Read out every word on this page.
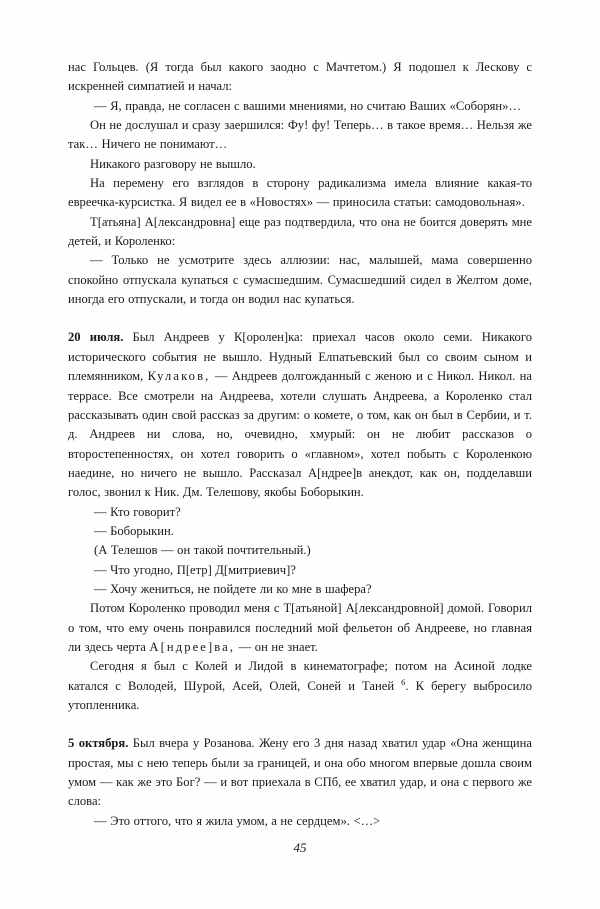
нас Гольцев. (Я тогда был какого заодно с Мачтетом.) Я подошел к Лескову с искренней симпатией и начал:

— Я, правда, не согласен с вашими мнениями, но считаю Ваших «Соборян»…

Он не дослушал и сразу заершился: Фу! фу! Теперь… в такое время… Нельзя же так… Ничего не понимают…

Никакого разговору не вышло.

На перемену его взглядов в сторону радикализма имела влияние какая-то евреечка-курсистка. Я видел ее в «Новостях» — приносила статьи: самодовольная».

Т[атьяна] А[лександровна] еще раз подтвердила, что она не боится доверять мне детей, и Короленко:

— Только не усмотрите здесь аллюзии: нас, малышей, мама совершенно спокойно отпускала купаться с сумасшедшим. Сумасшедший сидел в Желтом доме, иногда его отпускали, и тогда он водил нас купаться.

20 июля. Был Андреев у К[оролен]ка: приехал часов около семи. Никакого исторического события не вышло. Нудный Елпатьевский был со своим сыном и племянником, Кулаков, — Андреев долгожданный с женою и с Никол. Никол. на террасе. Все смотрели на Андреева, хотели слушать Андреева, а Короленко стал рассказывать один свой рассказ за другим: о комете, о том, как он был в Сербии, и т. д. Андреев ни слова, но, очевидно, хмурый: он не любит рассказов о второстепенностях, он хотел говорить о «главном», хотел побыть с Короленкою наедине, но ничего не вышло. Рассказал А[ндрее]в анекдот, как он, подделавши голос, звонил к Ник. Дм. Телешову, якобы Боборыкин.

— Кто говорит?

— Боборыкин.

(А Телешов — он такой почтительный.)

— Что угодно, П[етр] Д[митриевич]?

— Хочу жениться, не пойдете ли ко мне в шафера?

Потом Короленко проводил меня с Т[атьяной] А[лександровной] домой. Говорил о том, что ему очень понравился последний мой фельетон об Андрееве, но главная ли здесь черта А[ндрее]ва, — он не знает.

Сегодня я был с Колей и Лидой в кинематографе; потом на Асиной лодке катался с Володей, Шурой, Асей, Олей, Соней и Таней $^6$. К берегу выбросило утопленника.

5 октября. Был вчера у Розанова. Жену его 3 дня назад хватил удар «Она женщина простая, мы с нею теперь были за границей, и она обо многом впервые дошла своим умом — как же это Бог? — и вот приехала в СПб, ее хватил удар, и она с первого же слова:

— Это оттого, что я жила умом, а не сердцем». <…>

45
